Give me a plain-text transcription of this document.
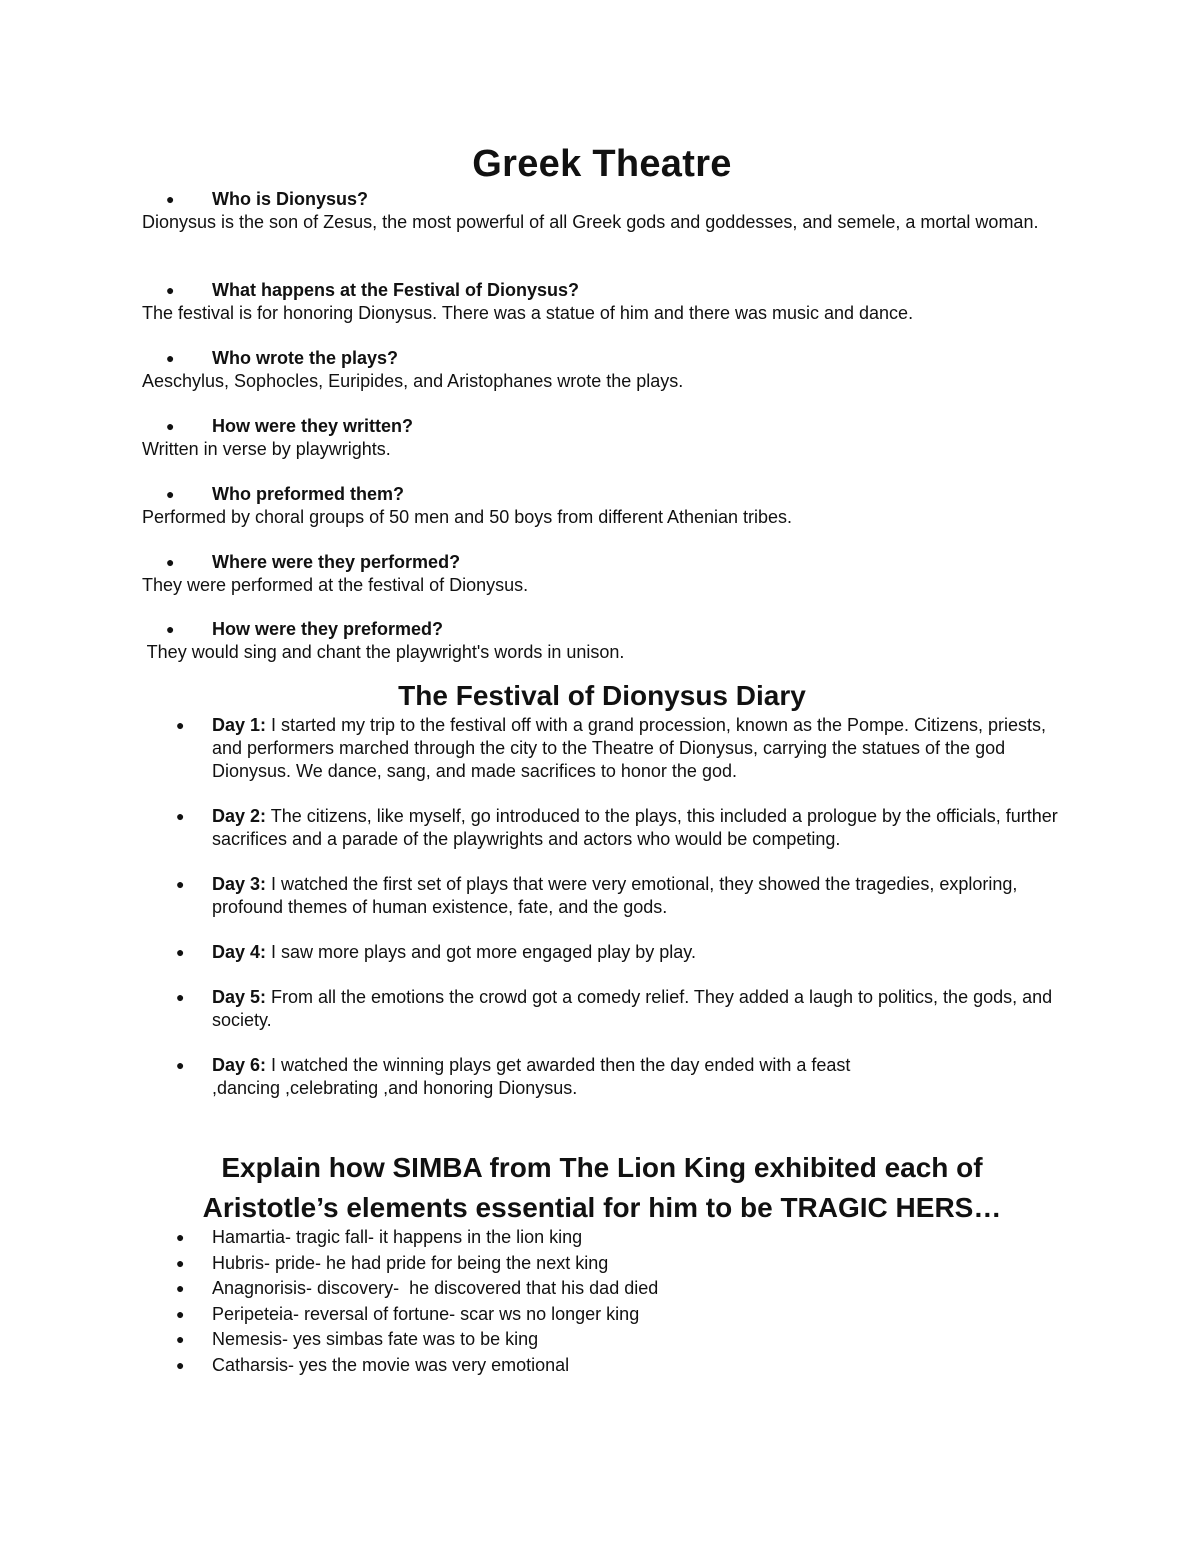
Greek Theatre
● Who is Dionysus?
Dionysus is the son of Zesus, the most powerful of all Greek gods and goddesses, and semele, a mortal woman.
● What happens at the Festival of Dionysus?
The festival is for honoring Dionysus. There was a statue of him and there was music and dance.
● Who wrote the plays?
Aeschylus, Sophocles, Euripides, and Aristophanes wrote the plays.
● How were they written?
Written in verse by playwrights.
● Who preformed them?
Performed by choral groups of 50 men and 50 boys from different Athenian tribes.
● Where were they performed?
They were performed at the festival of Dionysus.
● How were they preformed?
They would sing and chant the playwright's words in unison.
The Festival of Dionysus Diary
● Day 1: I started my trip to the festival off with a grand procession, known as the Pompe. Citizens, priests, and performers marched through the city to the Theatre of Dionysus, carrying the statues of the god Dionysus. We dance, sang, and made sacrifices to honor the god.
● Day 2: The citizens, like myself, go introduced to the plays, this included a prologue by the officials, further sacrifices and a parade of the playwrights and actors who would be competing.
● Day 3: I watched the first set of plays that were very emotional, they showed the tragedies, exploring, profound themes of human existence, fate, and the gods.
● Day 4: I saw more plays and got more engaged play by play.
● Day 5: From all the emotions the crowd got a comedy relief. They added a laugh to politics, the gods, and society.
● Day 6: I watched the winning plays get awarded then the day ended with a feast ,dancing ,celebrating ,and honoring Dionysus.
Explain how SIMBA from The Lion King exhibited each of
Aristotle’s elements essential for him to be TRAGIC HERS…
● Hamartia- tragic fall- it happens in the lion king
● Hubris- pride- he had pride for being the next king
● Anagnorisis- discovery-  he discovered that his dad died
● Peripeteia- reversal of fortune- scar ws no longer king
● Nemesis- yes simbas fate was to be king
● Catharsis- yes the movie was very emotional
